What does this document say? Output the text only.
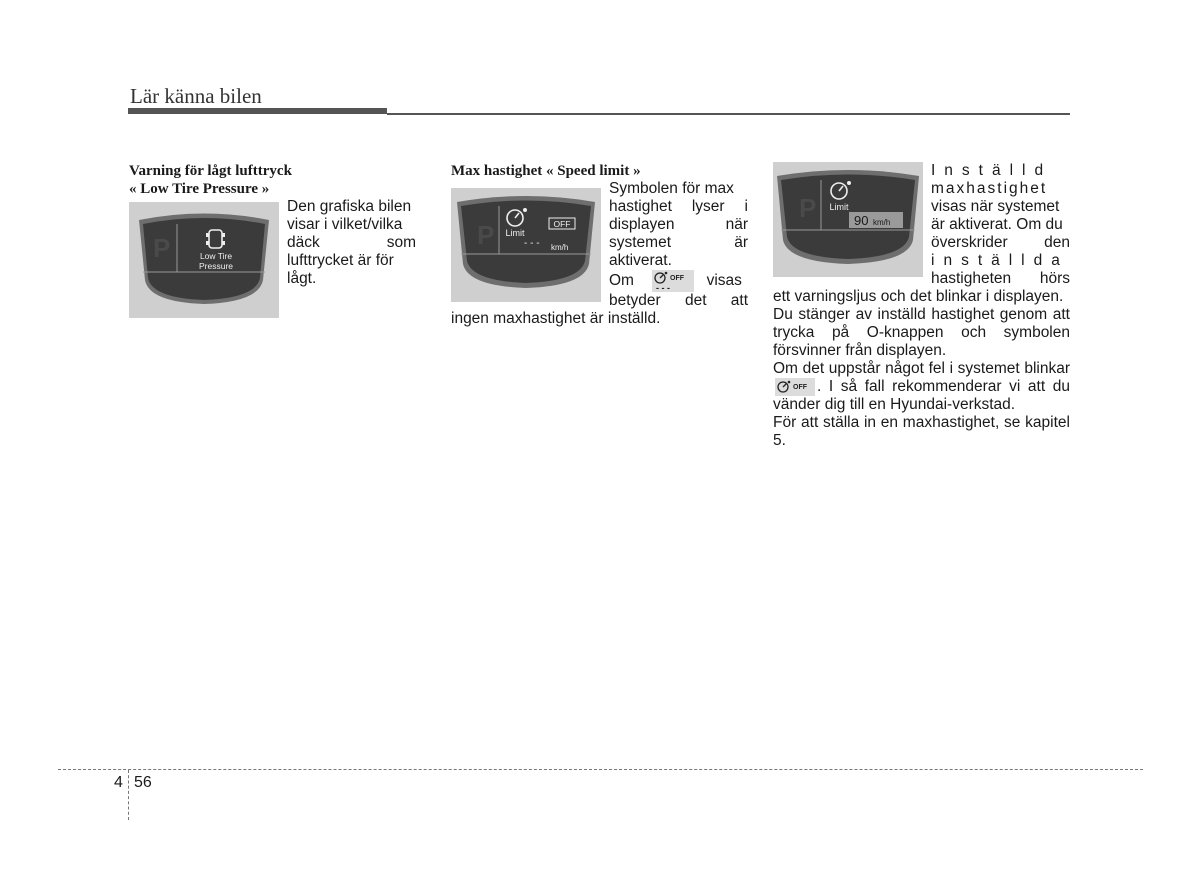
Lär känna bilen
Varning för lågt lufttryck
« Low Tire Pressure »
P	Low Tire
Pressure

Den grafiska bilen
visar i vilket/vilka
däck som
lufttrycket är för
lågt.

Max hastighet « Speed limit »
P Limit
OFF
- - - km/h

Symbolen för max
hastighet lyser i
displayen när
systemet är
aktiverat.
Om	OFF
- - - visas
betyder det att
ingen maxhastighet är inställd.

P Limit
90 km/h

Inställd
maxhastighet
visas när systemet
är aktiverat. Om du
överskrider den
inställda
hastigheten hörs

ett varningsljus och det blinkar i displayen.

Du stänger av inställd hastighet genom att trycka på O-knappen och symbolen försvinner från displayen.

Om det uppstår något fel i systemet blinkar
OFF . I så fall rekommenderar vi att du vänder dig till en Hyundai-verkstad.

För att ställa in en maxhastighet, se kapitel 5.

4 56
